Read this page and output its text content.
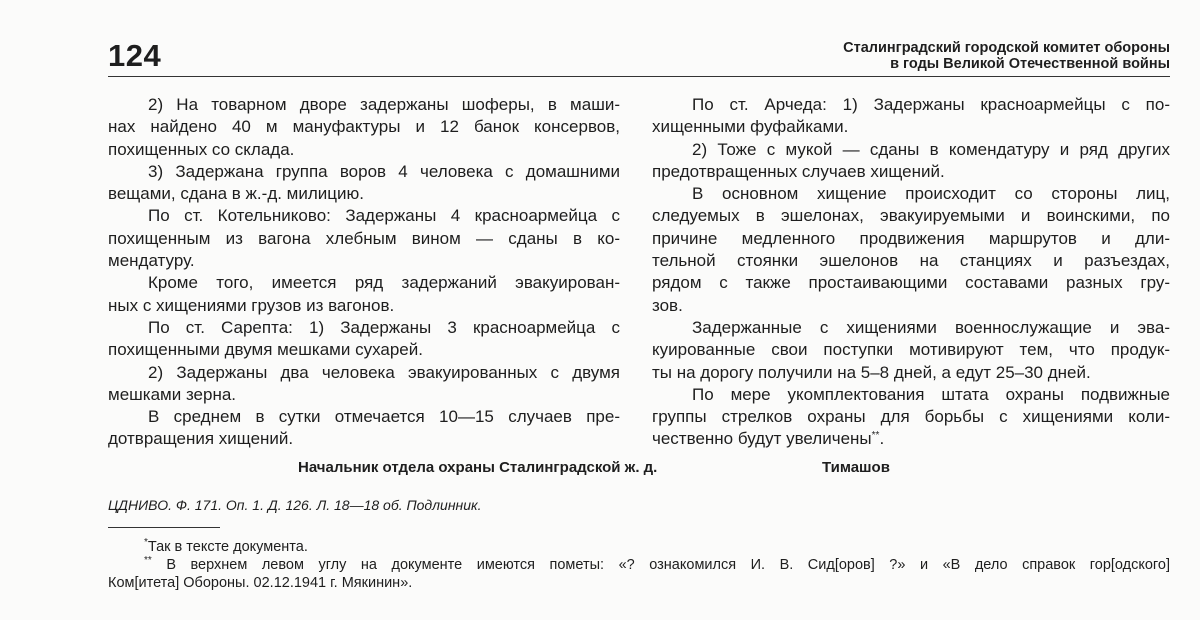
124	Сталинградский городской комитет обороны
в годы Великой Отечественной войны
2) На товарном дворе задержаны шоферы, в маши-
нах найдено 40 м мануфактуры и 12 банок консервов,
похищенных со склада.
3) Задержана группа воров 4 человека с домашними
вещами, сдана в ж.-д. милицию.
По ст. Котельниково: Задержаны 4 красноармейца с
похищенным из вагона хлебным вином — сданы в ко-
мендатуру.
Кроме того, имеется ряд задержаний эвакуирован-
ных с хищениями грузов из вагонов.
По ст. Сарепта: 1) Задержаны 3 красноармейца с
похищенными двумя мешками сухарей.
2) Задержаны два человека эвакуированных с двумя
мешками зерна.
В среднем в сутки отмечается 10—15 случаев пре-
дотвращения хищений.
По ст. Арчеда: 1) Задержаны красноармейцы с по-
хищенными фуфайками.
2) Тоже с мукой — сданы в комендатуру и ряд других
предотвращенных случаев хищений.
В основном хищение происходит со стороны лиц,
следуемых в эшелонах, эвакуируемыми и воинскими, по
причине медленного продвижения маршрутов и дли-
тельной стоянки эшелонов на станциях и разъездах,
рядом с также простаивающими составами разных гру-
зов.
Задержанные с хищениями военнослужащие и эва-
куированные свои поступки мотивируют тем, что продук-
ты на дорогу получили на 5–8 дней, а едут 25–30 дней.
По мере укомплектования штата охраны подвижные
группы стрелков охраны для борьбы с хищениями коли-
чественно будут увеличены**.
Начальник отдела охраны Сталинградской ж. д.	Тимашов
ЦДНИВО. Ф. 171. Оп. 1. Д. 126. Л. 18—18 об. Подлинник.
*Так в тексте документа.
** В верхнем левом углу на документе имеются пометы: «? ознакомился И. В. Сид[оров] ?» и «В дело справок гор[одского]
Ком[итета] Обороны. 02.12.1941 г. Мякинин».
